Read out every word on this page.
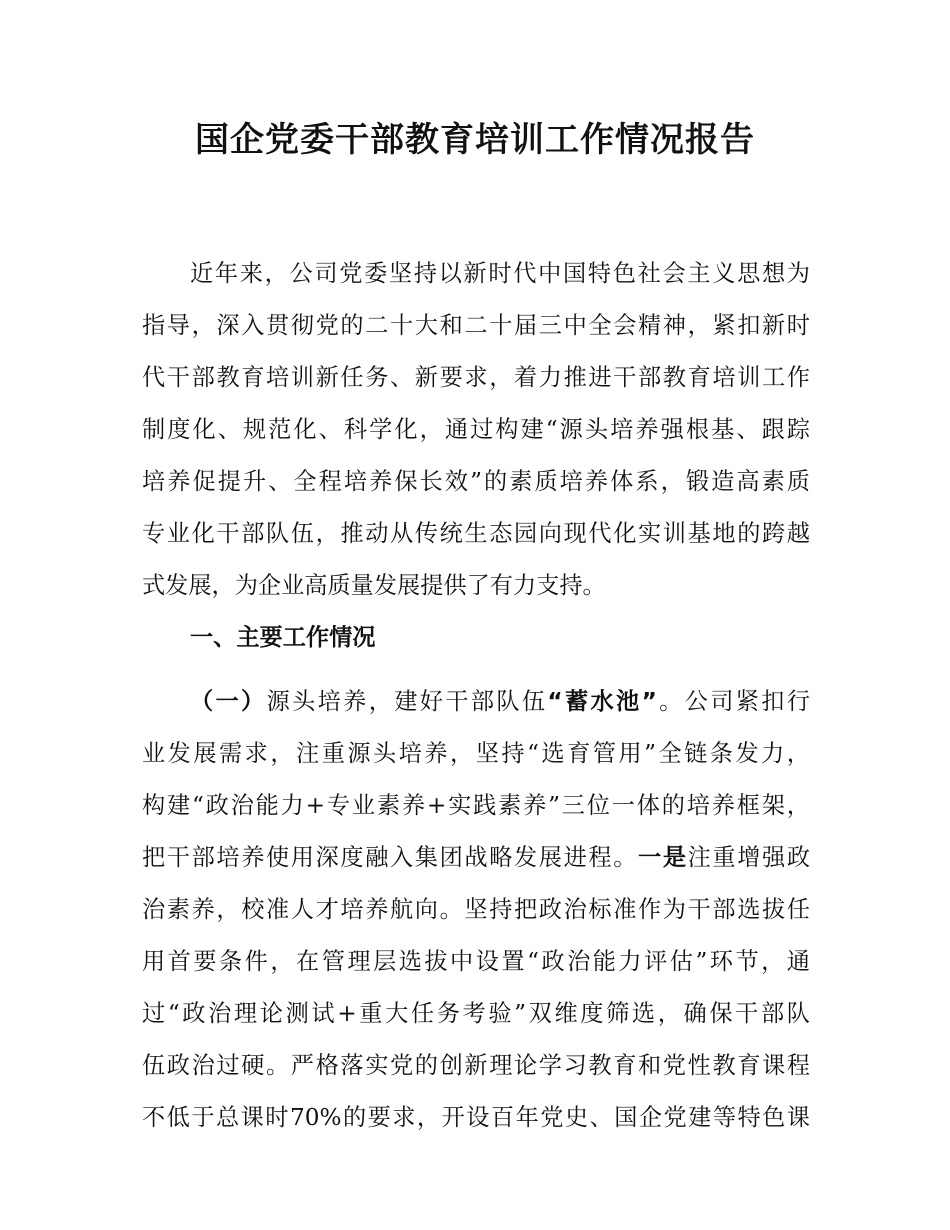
国企党委干部教育培训工作情况报告

近年来，公司党委坚持以新时代中国特色社会主义思想为

指导，深入贯彻党的二十大和二十届三中全会精神，紧扣新时

代干部教育培训新任务、新要求，着力推进干部教育培训工作

制度化、规范化、科学化，通过构建“源头培养强根基、跟踪

培养促提升、全程培养保长效”的素质培养体系，锻造高素质

专业化干部队伍，推动从传统生态园向现代化实训基地的跨越

式发展，为企业高质量发展提供了有力支持。

一、主要工作情况

（一）源头培养，建好干部队伍“蓄水池”。公司紧扣行

业发展需求，注重源头培养，坚持“选育管用”全链条发力，

构建“政治能力+专业素养+实践素养”三位一体的培养框架，

把干部培养使用深度融入集团战略发展进程。一是注重增强政

治素养，校准人才培养航向。坚持把政治标准作为干部选拔任

用首要条件，在管理层选拔中设置“政治能力评估”环节，通

过“政治理论测试+重大任务考验”双维度筛选，确保干部队

伍政治过硬。严格落实党的创新理论学习教育和党性教育课程

不低于总课时70%的要求，开设百年党史、国企党建等特色课
